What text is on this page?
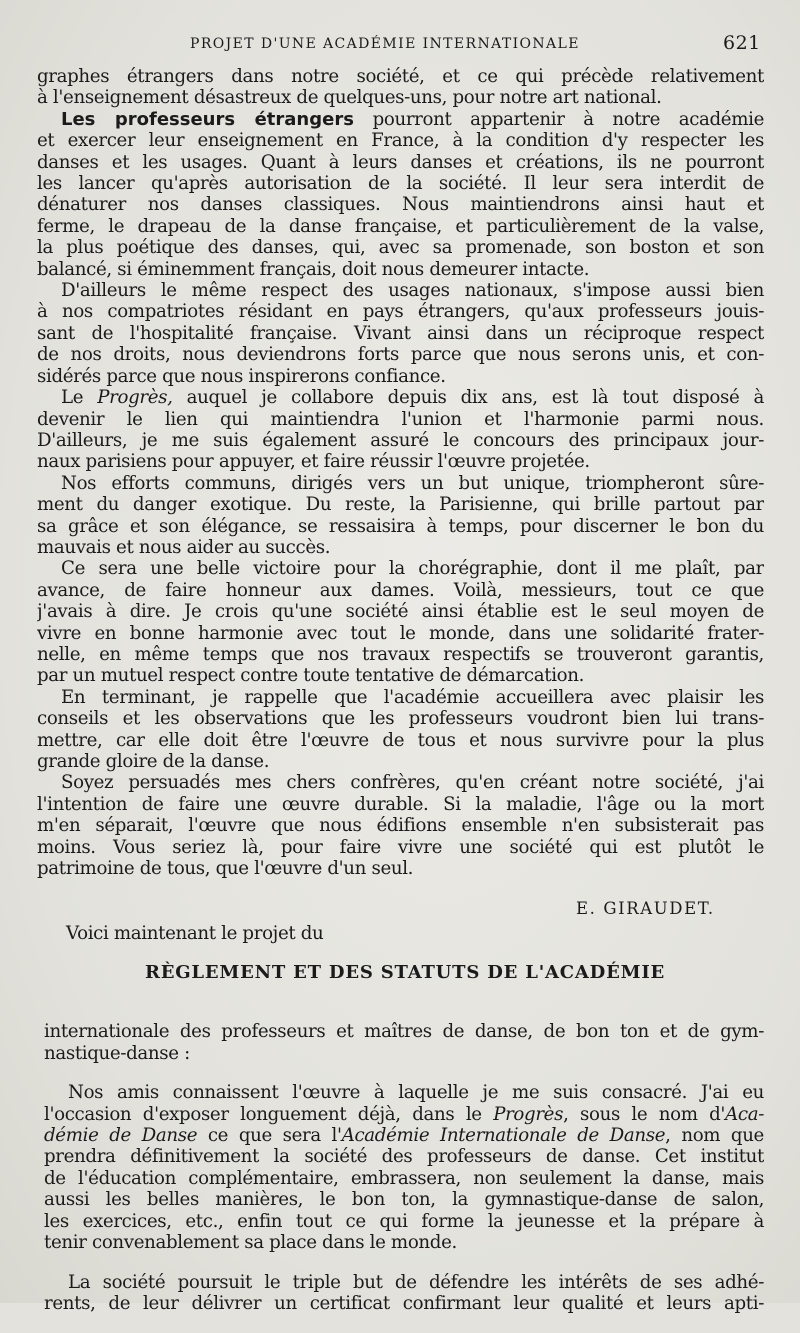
PROJET D'UNE ACADÉMIE INTERNATIONALE	621

graphes étrangers dans notre société, et ce qui précède relativement
à l'enseignement désastreux de quelques-uns, pour notre art national.

Les professeurs étrangers pourront appartenir à notre académie
et exercer leur enseignement en France, à la condition d'y respecter les
danses et les usages. Quant à leurs danses et créations, ils ne pourront
les lancer qu'après autorisation de la société. Il leur sera interdit de
dénaturer nos danses classiques. Nous maintiendrons ainsi haut et
ferme, le drapeau de la danse française, et particulièrement de la valse,
la plus poétique des danses, qui, avec sa promenade, son boston et son
balancé, si éminemment français, doit nous demeurer intacte.

D'ailleurs le même respect des usages nationaux, s'impose aussi bien
à nos compatriotes résidant en pays étrangers, qu'aux professeurs jouis-
sant de l'hospitalité française. Vivant ainsi dans un réciproque respect
de nos droits, nous deviendrons forts parce que nous serons unis, et con-
sidérés parce que nous inspirerons confiance.

Le Progrès, auquel je collabore depuis dix ans, est là tout disposé à
devenir le lien qui maintiendra l'union et l'harmonie parmi nous.
D'ailleurs, je me suis également assuré le concours des principaux jour-
naux parisiens pour appuyer, et faire réussir l'œuvre projetée.

Nos efforts communs, dirigés vers un but unique, triompheront sûre-
ment du danger exotique. Du reste, la Parisienne, qui brille partout par
sa grâce et son élégance, se ressaisira à temps, pour discerner le bon du
mauvais et nous aider au succès.

Ce sera une belle victoire pour la chorégraphie, dont il me plaît, par
avance, de faire honneur aux dames. Voilà, messieurs, tout ce que
j'avais à dire. Je crois qu'une société ainsi établie est le seul moyen de
vivre en bonne harmonie avec tout le monde, dans une solidarité frater-
nelle, en même temps que nos travaux respectifs se trouveront garantis,
par un mutuel respect contre toute tentative de démarcation.

En terminant, je rappelle que l'académie accueillera avec plaisir les
conseils et les observations que les professeurs voudront bien lui trans-
mettre, car elle doit être l'œuvre de tous et nous survivre pour la plus
grande gloire de la danse.

Soyez persuadés mes chers confrères, qu'en créant notre société, j'ai
l'intention de faire une œuvre durable. Si la maladie, l'âge ou la mort
m'en séparait, l'œuvre que nous édifions ensemble n'en subsisterait pas
moins. Vous seriez là, pour faire vivre une société qui est plutôt le
patrimoine de tous, que l'œuvre d'un seul.

E. GIRAUDET.
Voici maintenant le projet du
RÈGLEMENT ET DES STATUTS DE L'ACADÉMIE

internationale des professeurs et maîtres de danse, de bon ton et de gym-
nastique-danse :

Nos amis connaissent l'œuvre à laquelle je me suis consacré. J'ai eu
l'occasion d'exposer longuement déjà, dans le Progrès, sous le nom d'Aca-
démie de Danse ce que sera l'Académie Internationale de Danse, nom que
prendra définitivement la société des professeurs de danse. Cet institut
de l'éducation complémentaire, embrassera, non seulement la danse, mais
aussi les belles manières, le bon ton, la gymnastique-danse de salon,
les exercices, etc., enfin tout ce qui forme la jeunesse et la prépare à
tenir convenablement sa place dans le monde.

La société poursuit le triple but de défendre les intérêts de ses adhé-
rents, de leur délivrer un certificat confirmant leur qualité et leurs apti-
